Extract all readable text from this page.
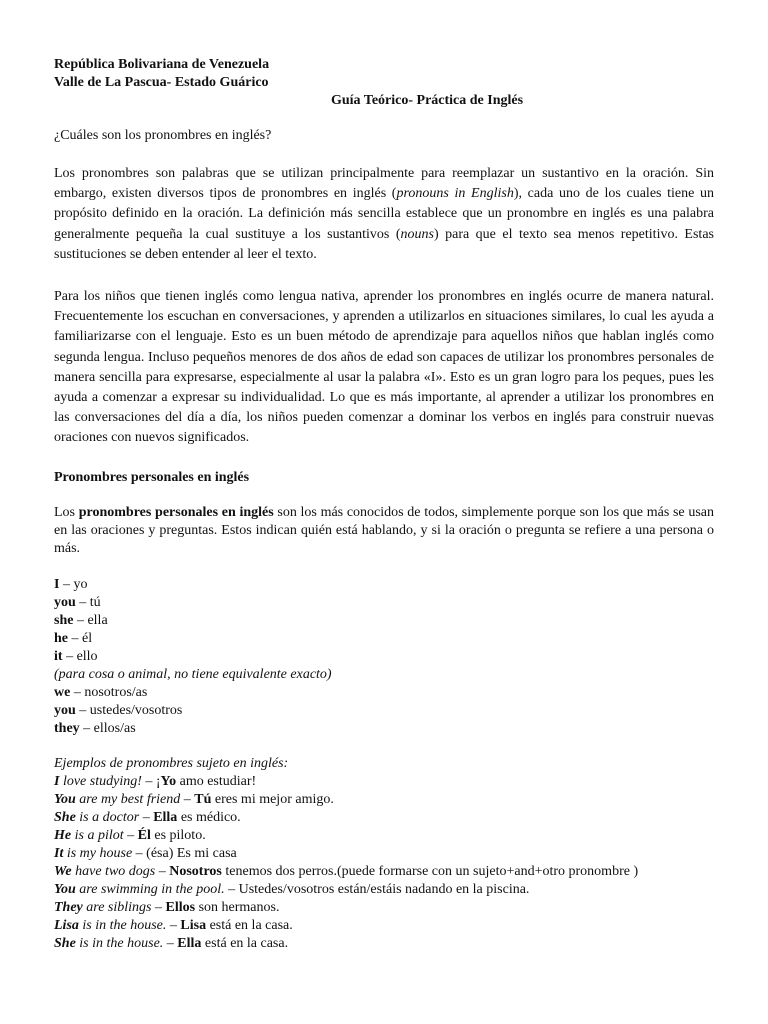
República Bolivariana de Venezuela
Valle de La Pascua- Estado Guárico
Guía Teórico- Práctica de Inglés
¿Cuáles son los pronombres en inglés?
Los pronombres son palabras que se utilizan principalmente para reemplazar un sustantivo en la oración. Sin embargo, existen diversos tipos de pronombres en inglés (pronouns in English), cada uno de los cuales tiene un propósito definido en la oración. La definición más sencilla establece que un pronombre en inglés es una palabra generalmente pequeña la cual sustituye a los sustantivos (nouns) para que el texto sea menos repetitivo. Estas sustituciones se deben entender al leer el texto.
Para los niños que tienen inglés como lengua nativa, aprender los pronombres en inglés ocurre de manera natural. Frecuentemente los escuchan en conversaciones, y aprenden a utilizarlos en situaciones similares, lo cual les ayuda a familiarizarse con el lenguaje. Esto es un buen método de aprendizaje para aquellos niños que hablan inglés como segunda lengua. Incluso pequeños menores de dos años de edad son capaces de utilizar los pronombres personales de manera sencilla para expresarse, especialmente al usar la palabra «I». Esto es un gran logro para los peques, pues les ayuda a comenzar a expresar su individualidad. Lo que es más importante, al aprender a utilizar los pronombres en las conversaciones del día a día, los niños pueden comenzar a dominar los verbos en inglés para construir nuevas oraciones con nuevos significados.
Pronombres personales en inglés
Los pronombres personales en inglés son los más conocidos de todos, simplemente porque son los que más se usan en las oraciones y preguntas. Estos indican quién está hablando, y si la oración o pregunta se refiere a una persona o más.
I – yo
you – tú
she – ella
he – él
it – ello
(para cosa o animal, no tiene equivalente exacto)
we – nosotros/as
you – ustedes/vosotros
they – ellos/as
Ejemplos de pronombres sujeto en inglés:
I love studying! – ¡Yo amo estudiar!
You are my best friend – Tú eres mi mejor amigo.
She is a doctor – Ella es médico.
He is a pilot – Él es piloto.
It is my house – (ésa) Es mi casa
We have two dogs – Nosotros tenemos dos perros.(puede formarse con un sujeto+and+otro pronombre )
You are swimming in the pool. – Ustedes/vosotros están/estáis nadando en la piscina.
They are siblings – Ellos son hermanos.
Lisa is in the house. – Lisa está en la casa.
She is in the house. – Ella está en la casa.
